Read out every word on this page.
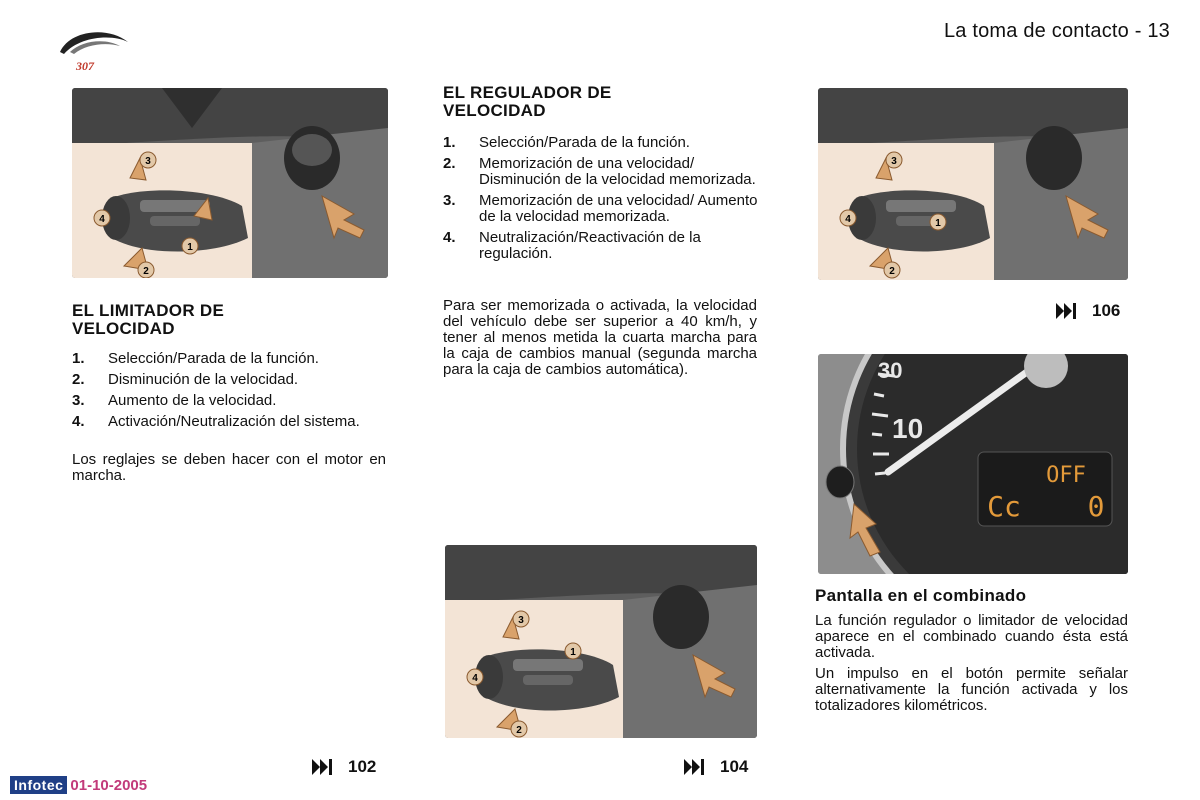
307
La toma de contacto - 13
3
4
1
2
EL LIMITADOR DE VELOCIDAD
1.	Selección/Parada de la función.
2.	Disminución de la velocidad.
3.	Aumento de la velocidad.
4.	Activación/Neutralización del sistema.
Los reglajes se deben hacer con el motor en marcha.
102
EL REGULADOR DE VELOCIDAD
1.	Selección/Parada de la función.
2.	Memorización de una velocidad/ Disminución de la velocidad memorizada.
3.	Memorización de una velocidad/ Aumento de la velocidad memorizada.
4.	Neutralización/Reactivación de la regulación.
Para ser memorizada o activada, la velocidad del vehículo debe ser superior a 40 km/h, y tener al menos metida la cuarta marcha para la caja de cambios manual (segunda marcha para la caja de cambios automática).
3
4
1
2
104
3
4	1
2
106
30
10
OFF
Cc 0
Pantalla en el combinado
La función regulador o limitador de velocidad aparece en el combinado cuando ésta está activada.
Un impulso en el botón permite señalar alternativamente la función activada y los totalizadores kilométricos.
Infotec 01-10-2005
